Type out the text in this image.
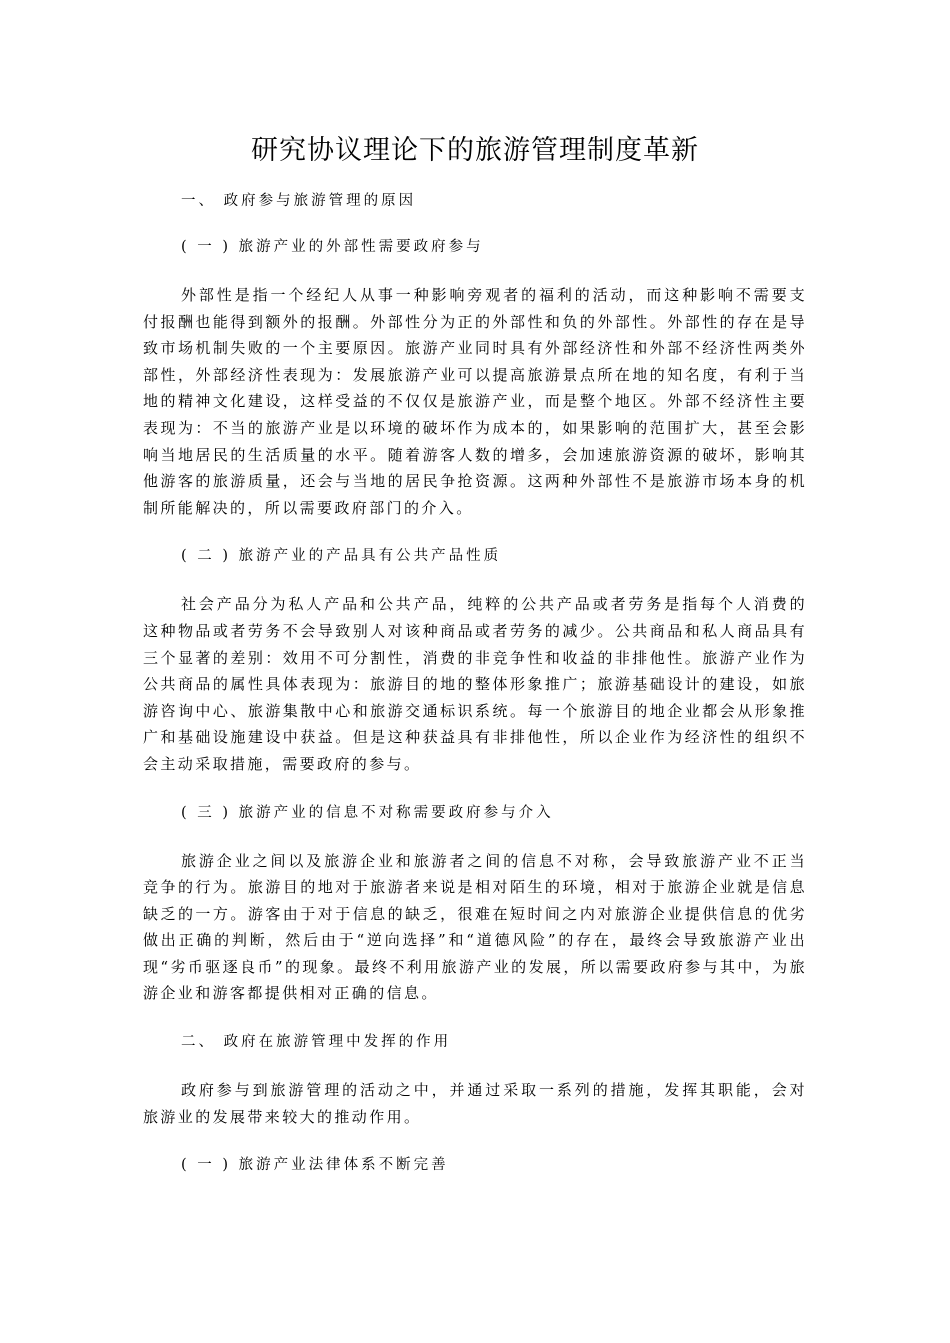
研究协议理论下的旅游管理制度革新
一、 政府参与旅游管理的原因
( 一 ) 旅游产业的外部性需要政府参与

外部性是指一个经纪人从事一种影响旁观者的福利的活动，而这种影响不需要支付报酬也能得到额外的报酬。外部性分为正的外部性和负的外部性。外部性的存在是导致市场机制失败的一个主要原因。旅游产业同时具有外部经济性和外部不经济性两类外部性，外部经济性表现为：发展旅游产业可以提高旅游景点所在地的知名度，有利于当地的精神文化建设，这样受益的不仅仅是旅游产业，而是整个地区。外部不经济性主要表现为：不当的旅游产业是以环境的破坏作为成本的，如果影响的范围扩大，甚至会影响当地居民的生活质量的水平。随着游客人数的增多，会加速旅游资源的破坏，影响其他游客的旅游质量，还会与当地的居民争抢资源。这两种外部性不是旅游市场本身的机制所能解决的，所以需要政府部门的介入。

( 二 ) 旅游产业的产品具有公共产品性质

社会产品分为私人产品和公共产品，纯粹的公共产品或者劳务是指每个人消费的这种物品或者劳务不会导致别人对该种商品或者劳务的减少。公共商品和私人商品具有三个显著的差别：效用不可分割性，消费的非竞争性和收益的非排他性。旅游产业作为公共商品的属性具体表现为：旅游目的地的整体形象推广；旅游基础设计的建设，如旅游咨询中心、旅游集散中心和旅游交通标识系统。每一个旅游目的地企业都会从形象推广和基础设施建设中获益。但是这种获益具有非排他性，所以企业作为经济性的组织不会主动采取措施，需要政府的参与。

( 三 ) 旅游产业的信息不对称需要政府参与介入

旅游企业之间以及旅游企业和旅游者之间的信息不对称，会导致旅游产业不正当竞争的行为。旅游目的地对于旅游者来说是相对陌生的环境，相对于旅游企业就是信息缺乏的一方。游客由于对于信息的缺乏，很难在短时间之内对旅游企业提供信息的优劣做出正确的判断，然后由于“逆向选择”和“道德风险”的存在，最终会导致旅游产业出现“劣币驱逐良币”的现象。最终不利用旅游产业的发展，所以需要政府参与其中，为旅游企业和游客都提供相对正确的信息。

二、 政府在旅游管理中发挥的作用

政府参与到旅游管理的活动之中，并通过采取一系列的措施，发挥其职能，会对旅游业的发展带来较大的推动作用。

( 一 ) 旅游产业法律体系不断完善
